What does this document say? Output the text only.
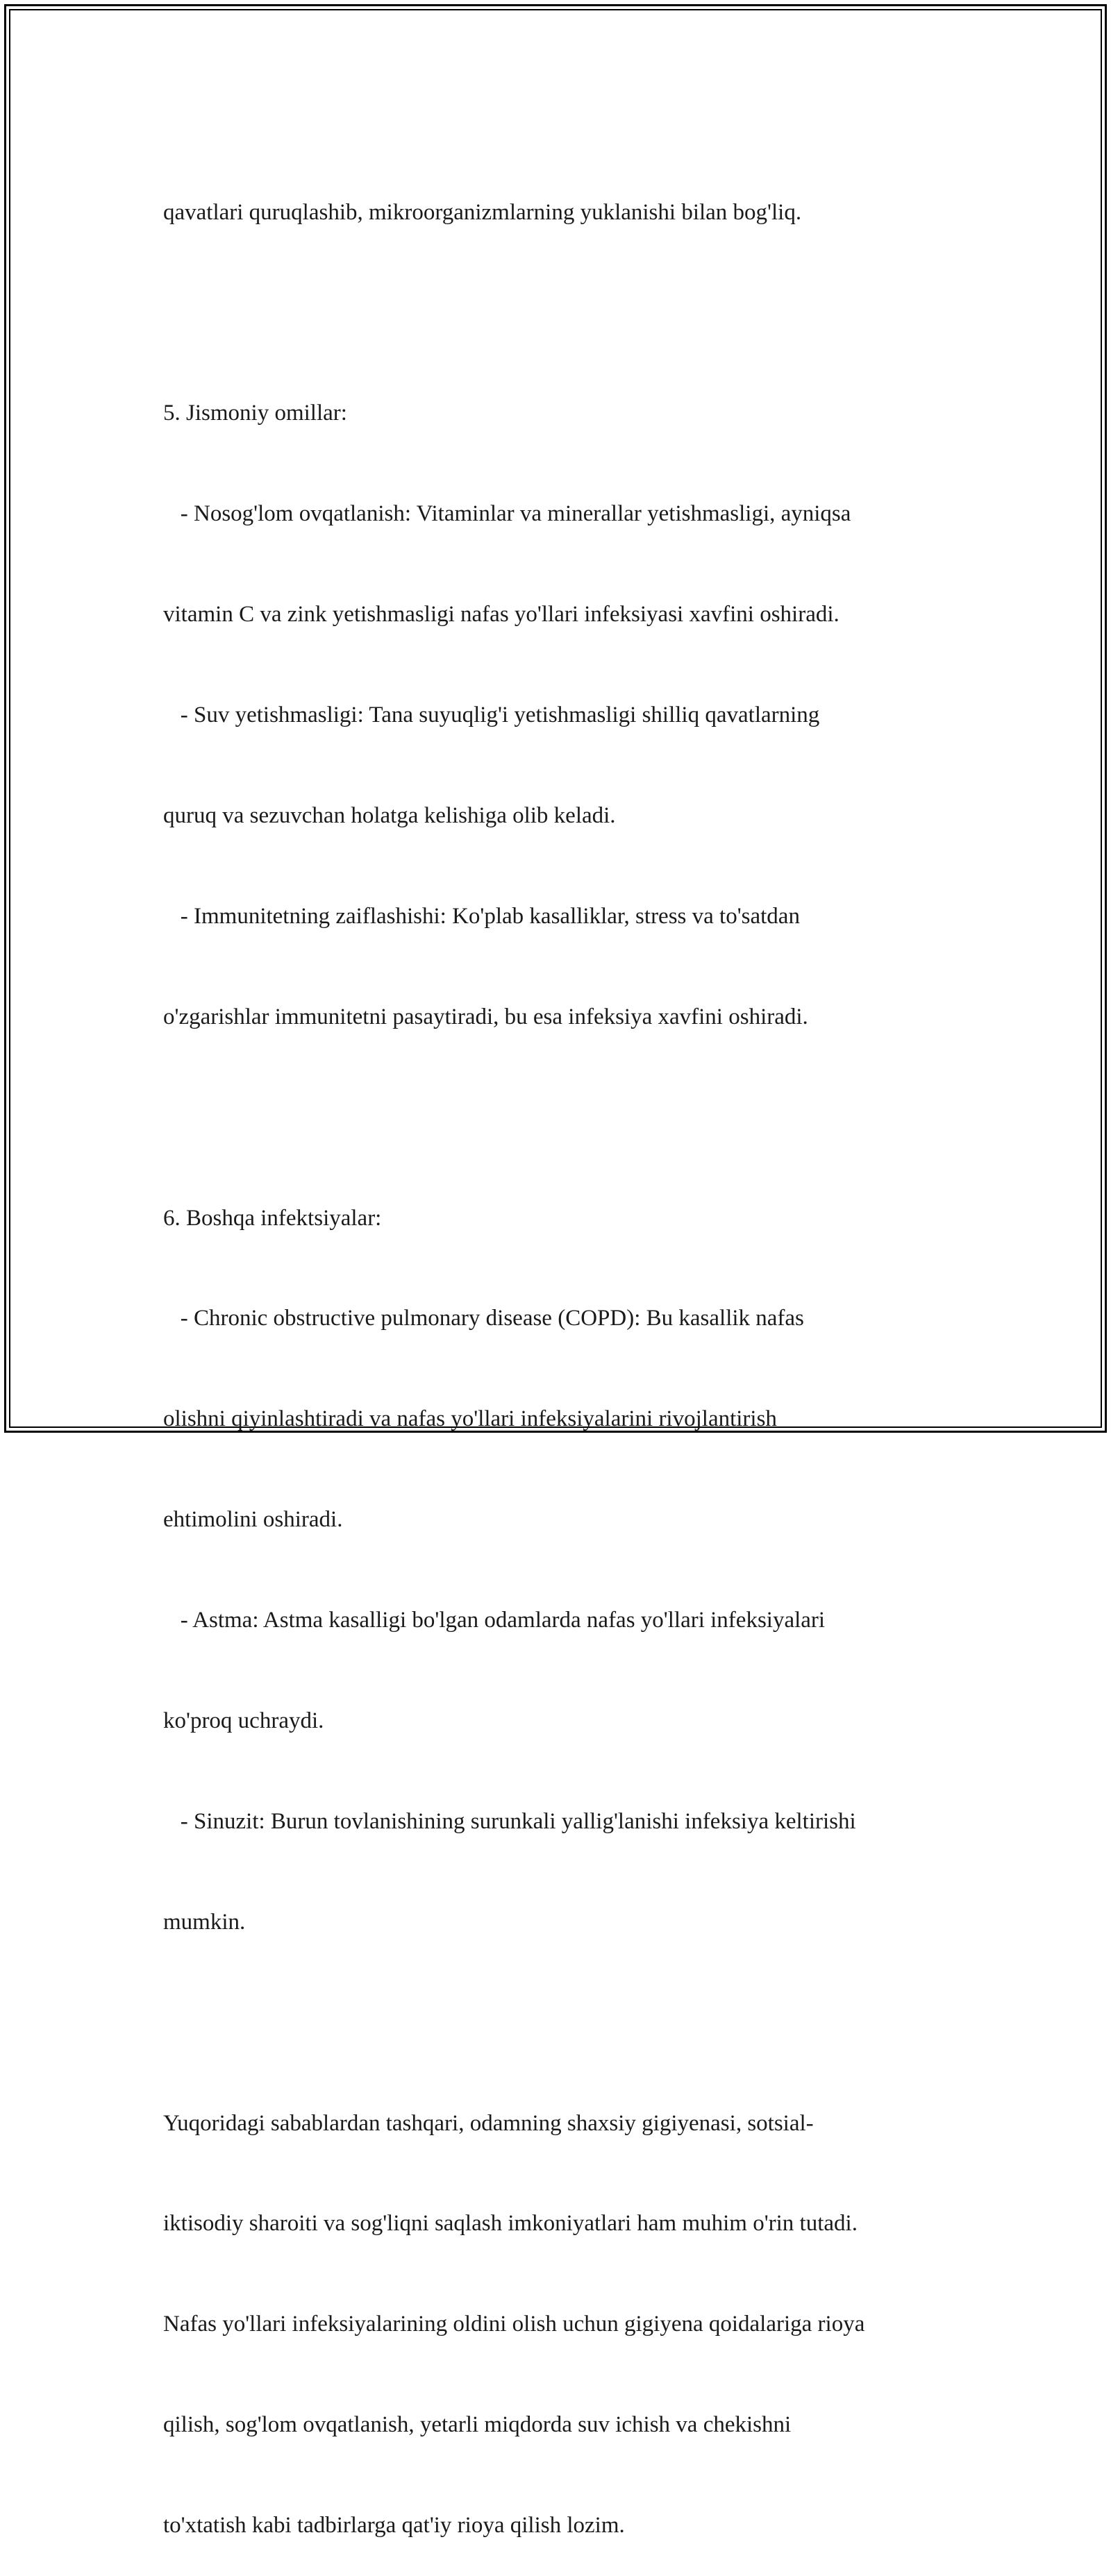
qavatlari quruqlashib, mikroorganizmlarning yuklanishi bilan bog'liq.

5. Jismoniy omillar:

- Nosog'lom ovqatlanish: Vitaminlar va minerallar yetishmasligi, ayniqsa

vitamin C va zink yetishmasligi nafas yo'llari infeksiyasi xavfini oshiradi.

- Suv yetishmasligi: Tana suyuqlig'i yetishmasligi shilliq qavatlarning

quruq va sezuvchan holatga kelishiga olib keladi.

- Immunitetning zaiflashishi: Ko'plab kasalliklar, stress va to'satdan

o'zgarishlar immunitetni pasaytiradi, bu esa infeksiya xavfini oshiradi.

6. Boshqa infektsiyalar:

- Chronic obstructive pulmonary disease (COPD): Bu kasallik nafas

olishni qiyinlashtiradi va nafas yo'llari infeksiyalarini rivojlantirish

ehtimolini oshiradi.

- Astma: Astma kasalligi bo'lgan odamlarda nafas yo'llari infeksiyalari

ko'proq uchraydi.

- Sinuzit: Burun tovlanishining surunkali yallig'lanishi infeksiya keltirishi

mumkin.

Yuqoridagi sabablardan tashqari, odamning shaxsiy gigiyenasi, sotsial-

iktisodiy sharoiti va sog'liqni saqlash imkoniyatlari ham muhim o'rin tutadi.

Nafas yo'llari infeksiyalarining oldini olish uchun gigiyena qoidalariga rioya

qilish, sog'lom ovqatlanish, yetarli miqdorda suv ichish va chekishni

to'xtatish kabi tadbirlarga qat'iy rioya qilish lozim.
